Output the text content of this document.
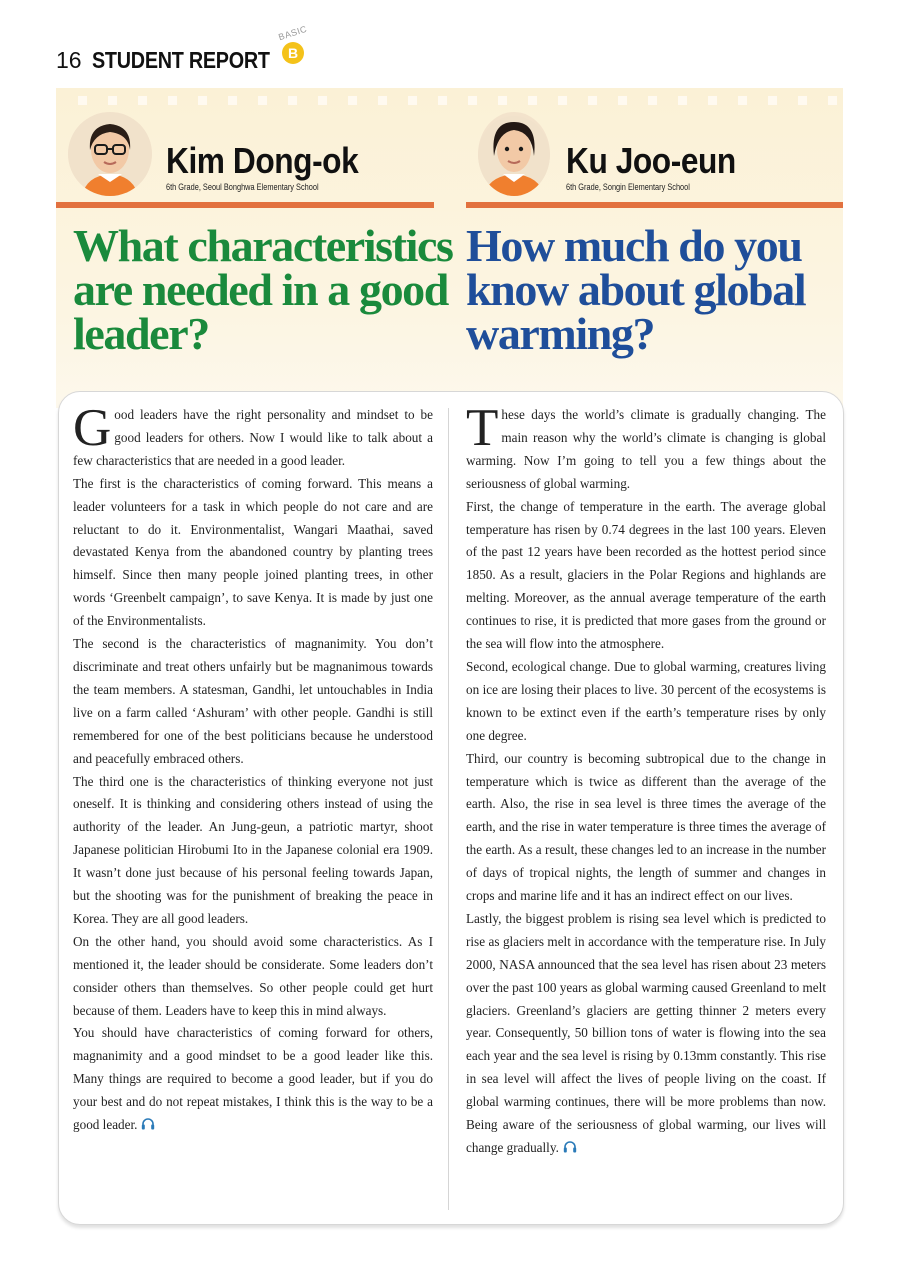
16 STUDENT REPORT
BASIC
B
Kim Dong-ok
6th Grade, Seoul Bonghwa Elementary School
Ku Joo-eun
6th Grade, Songin Elementary School
What characteristics
are needed in a good
leader?
How much do you
know about global
warming?

Good leaders have the right personality and mindset to be good leaders for others. Now I would like to talk about a few characteristics that are needed in a good leader.

The first is the characteristics of coming forward. This means a leader volunteers for a task in which people do not care and are reluctant to do it. Environmentalist, Wangari Maathai, saved devastated Kenya from the abandoned country by planting trees himself. Since then many people joined planting trees, in other words ‘Greenbelt campaign’, to save Kenya. It is made by just one of the Environmentalists.

The second is the characteristics of magnanimity. You don’t discriminate and treat others unfairly but be magnanimous towards the team members. A statesman, Gandhi, let untouchables in India live on a farm called ‘Ashuram’ with other people. Gandhi is still remembered for one of the best politicians because he understood and peacefully embraced others.

The third one is the characteristics of thinking everyone not just oneself. It is thinking and considering others instead of using the authority of the leader. An Jung-geun, a patriotic martyr, shoot Japanese politician Hirobumi Ito in the Japanese colonial era 1909. It wasn’t done just because of his personal feeling towards Japan, but the shooting was for the punishment of breaking the peace in Korea. They are all good leaders.

On the other hand, you should avoid some characteristics. As I mentioned it, the leader should be considerate. Some leaders don’t consider others than themselves. So other people could get hurt because of them. Leaders have to keep this in mind always.

You should have characteristics of coming forward for others, magnanimity and a good mindset to be a good leader like this. Many things are required to become a good leader, but if you do your best and do not repeat mistakes, I think this is the way to be a good leader.

These days the world’s climate is gradually changing. The main reason why the world’s climate is changing is global warming. Now I’m going to tell you a few things about the seriousness of global warming.

First, the change of temperature in the earth. The average global temperature has risen by 0.74 degrees in the last 100 years. Eleven of the past 12 years have been recorded as the hottest period since 1850. As a result, glaciers in the Polar Regions and highlands are melting. Moreover, as the annual average temperature of the earth continues to rise, it is predicted that more gases from the ground or the sea will flow into the atmosphere.

Second, ecological change. Due to global warming, creatures living on ice are losing their places to live. 30 percent of the ecosystems is known to be extinct even if the earth’s temperature rises by only one degree.

Third, our country is becoming subtropical due to the change in temperature which is twice as different than the average of the earth. Also, the rise in sea level is three times the average of the earth, and the rise in water temperature is three times the average of the earth. As a result, these changes led to an increase in the number of days of tropical nights, the length of summer and changes in crops and marine life and it has an indirect effect on our lives.

Lastly, the biggest problem is rising sea level which is predicted to rise as glaciers melt in accordance with the temperature rise. In July 2000, NASA announced that the sea level has risen about 23 meters over the past 100 years as global warming caused Greenland to melt glaciers. Greenland’s glaciers are getting thinner 2 meters every year. Consequently, 50 billion tons of water is flowing into the sea each year and the sea level is rising by 0.13mm constantly. This rise in sea level will affect the lives of people living on the coast. If global warming continues, there will be more problems than now. Being aware of the seriousness of global warming, our lives will change gradually.
